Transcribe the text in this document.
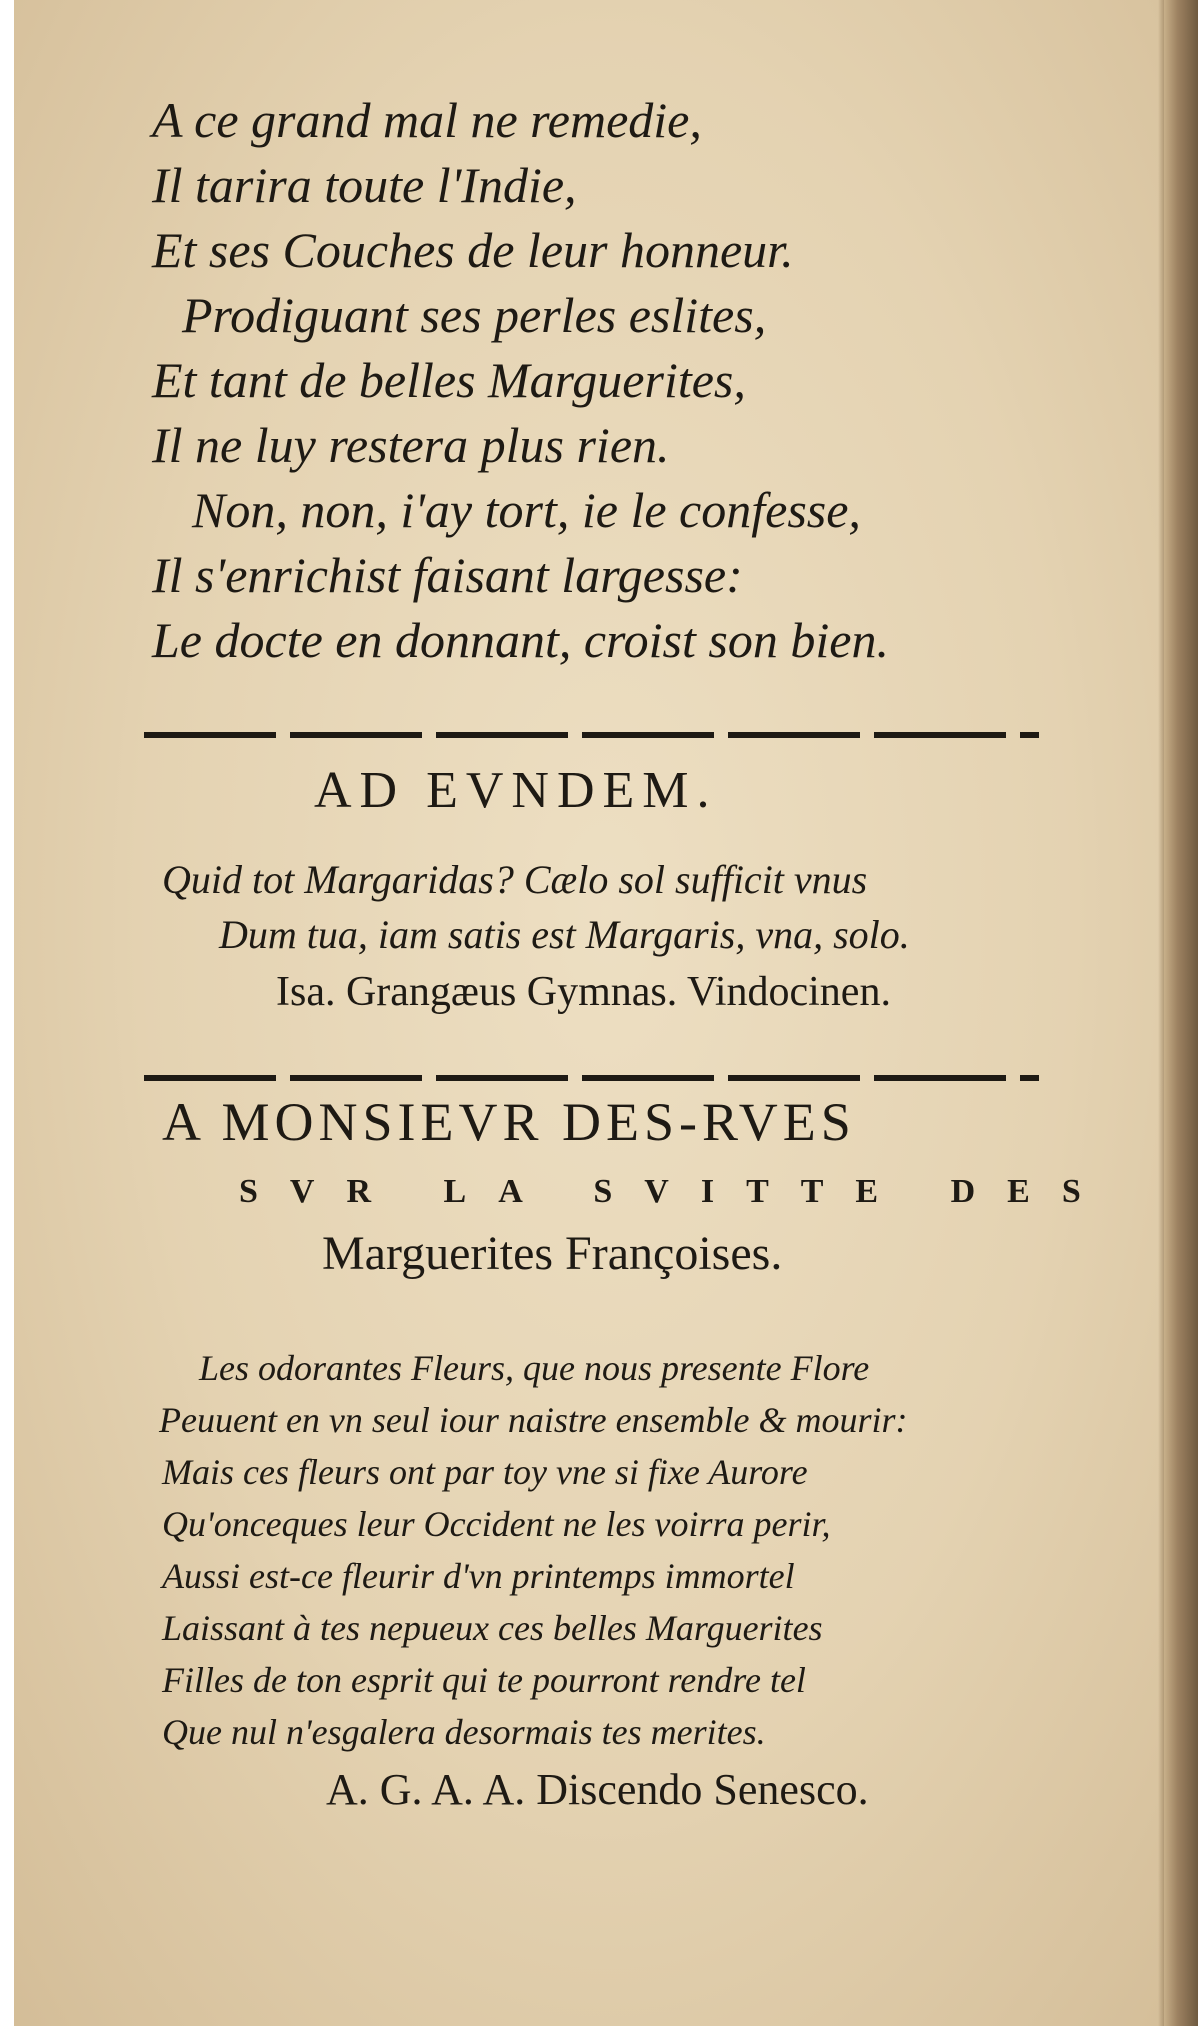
A ce grand mal ne remedie,
Il tarira toute l'Indie,
Et ses Couches de leur honneur.
Prodiguant ses perles eslites,
Et tant de belles Marguerites,
Il ne luy restera plus rien.
Non, non, i'ay tort, ie le confesse,
Il s'enrichist faisant largesse:
Le docte en donnant, croist son bien.
AD EVNDEM.
Quid tot Margaridas? Cælo sol sufficit vnus
Dum tua, iam satis est Margaris, vna, solo.
Isa. Grangæus Gymnas. Vindocinen.
A MONSIEVR DES-RVES
SVR LA SVITTE DES
Marguerites Françoises.
Les odorantes Fleurs, que nous presente Flore
Peuuent en vn seul iour naistre ensemble & mourir:
Mais ces fleurs ont par toy vne si fixe Aurore
Qu'onceques leur Occident ne les voirra perir,
Aussi est-ce fleurir d'vn printemps immortel
Laissant à tes nepueux ces belles Marguerites
Filles de ton esprit qui te pourront rendre tel
Que nul n'esgalera desormais tes merites.
A. G. A. A. Discendo Senesco.
